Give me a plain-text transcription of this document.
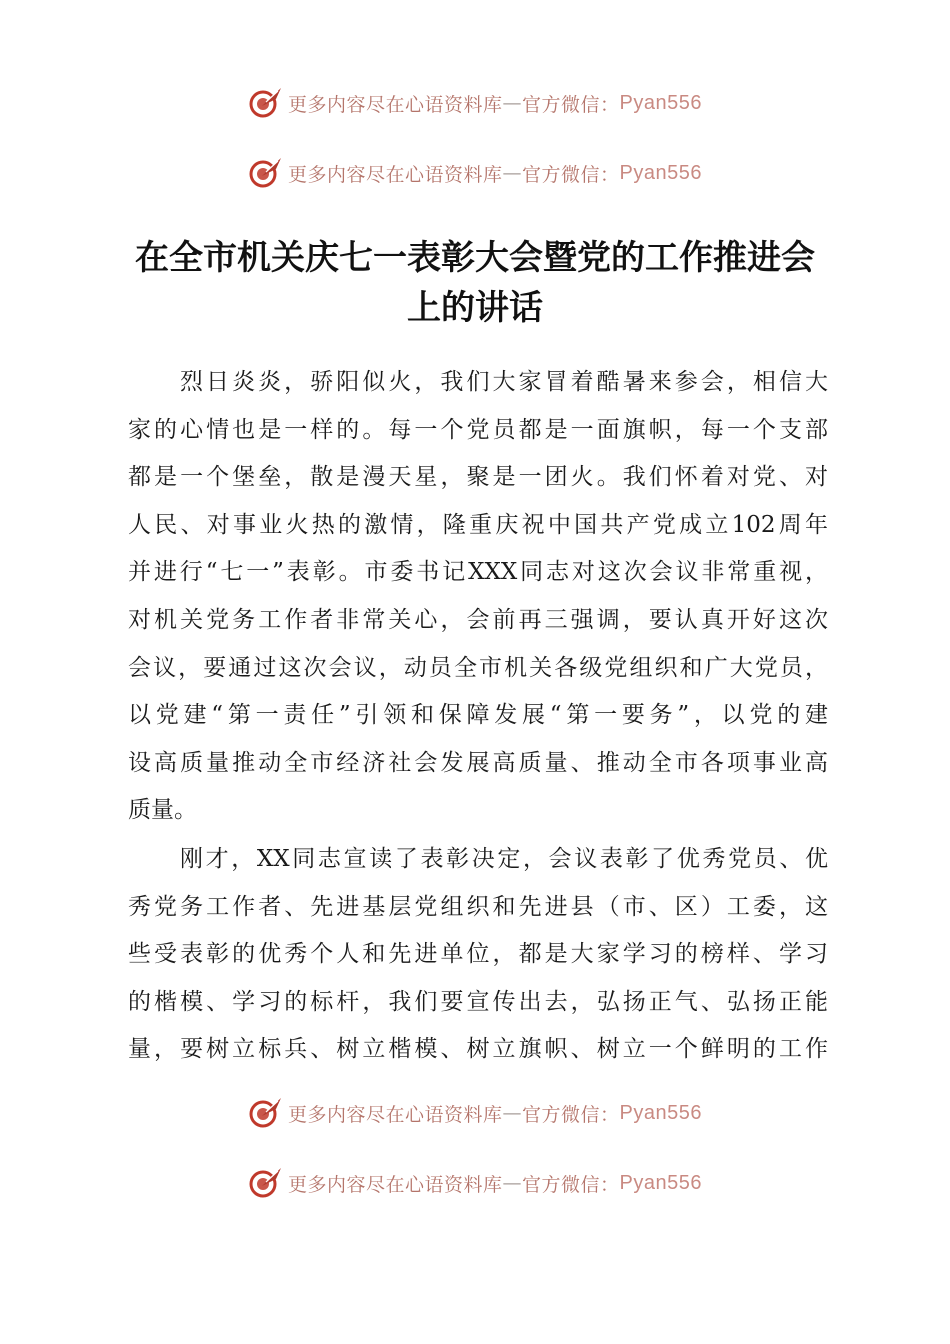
更多内容尽在心语资料库 — 官方微信： Pyan556
更多内容尽在心语资料库 — 官方微信： Pyan556
在全市机关庆七一表彰大会暨党的工作推进会
上的讲话
烈日炎炎，骄阳似火，我们大家冒着酷暑来参会，相信大
家的心情也是一样的。每一个党员都是一面旗帜，每一个支部
都是一个堡垒，散是漫天星，聚是一团火。我们怀着对党、对
人民、对事业火热的激情，隆重庆祝中国共产党成立102周年
并进行“七一”表彰。市委书记XXX同志对这次会议非常重视，
对机关党务工作者非常关心，会前再三强调，要认真开好这次
会议，要通过这次会议，动员全市机关各级党组织和广大党员，
以党建“第一责任”引领和保障发展“第一要务”，以党的建
设高质量推动全市经济社会发展高质量、推动全市各项事业高
质量。
刚才，XX同志宣读了表彰决定，会议表彰了优秀党员、优
秀党务工作者、先进基层党组织和先进县（市、区）工委，这
些受表彰的优秀个人和先进单位，都是大家学习的榜样、学习
的楷模、学习的标杆，我们要宣传出去，弘扬正气、弘扬正能
量，要树立标兵、树立楷模、树立旗帜、树立一个鲜明的工作
更多内容尽在心语资料库 — 官方微信： Pyan556
更多内容尽在心语资料库 — 官方微信： Pyan556
